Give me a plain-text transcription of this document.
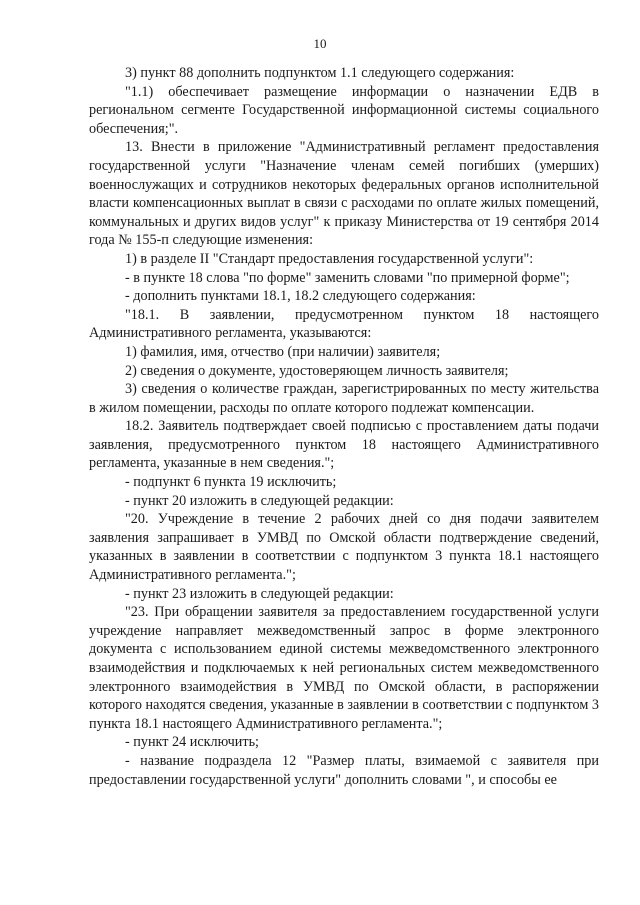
10

3) пункт 88 дополнить подпунктом 1.1 следующего содержания:

"1.1) обеспечивает размещение информации о назначении ЕДВ в региональном сегменте Государственной информационной системы социального обеспечения;".

13. Внести в приложение "Административный регламент предоставления государственной услуги "Назначение членам семей погибших (умерших) военнослужащих и сотрудников некоторых федеральных органов исполнительной власти компенсационных выплат в связи с расходами по оплате жилых помещений, коммунальных и других видов услуг" к приказу Министерства от 19 сентября 2014 года № 155-п следующие изменения:

1) в разделе II "Стандарт предоставления государственной услуги":

- в пункте 18 слова "по форме" заменить словами "по примерной форме";

- дополнить пунктами 18.1, 18.2 следующего содержания:

"18.1. В заявлении, предусмотренном пунктом 18 настоящего Административного регламента, указываются:

1) фамилия, имя, отчество (при наличии) заявителя;

2) сведения о документе, удостоверяющем личность заявителя;

3) сведения о количестве граждан, зарегистрированных по месту жительства в жилом помещении, расходы по оплате которого подлежат компенсации.

18.2. Заявитель подтверждает своей подписью с проставлением даты подачи заявления, предусмотренного пунктом 18 настоящего Административного регламента, указанные в нем сведения.";

- подпункт 6 пункта 19 исключить;

- пункт 20 изложить в следующей редакции:

"20. Учреждение в течение 2 рабочих дней со дня подачи заявителем заявления запрашивает в УМВД по Омской области подтверждение сведений, указанных в заявлении в соответствии с подпунктом 3 пункта 18.1 настоящего Административного регламента.";

- пункт 23 изложить в следующей редакции:

"23. При обращении заявителя за предоставлением государственной услуги учреждение направляет межведомственный запрос в форме электронного документа с использованием единой системы межведомственного электронного взаимодействия и подключаемых к ней региональных систем межведомственного электронного взаимодействия в УМВД по Омской области, в распоряжении которого находятся сведения, указанные в заявлении в соответствии с подпунктом 3 пункта 18.1 настоящего Административного регламента.";

- пункт 24 исключить;

- название подраздела 12 "Размер платы, взимаемой с заявителя при предоставлении государственной услуги" дополнить словами ", и способы ее
